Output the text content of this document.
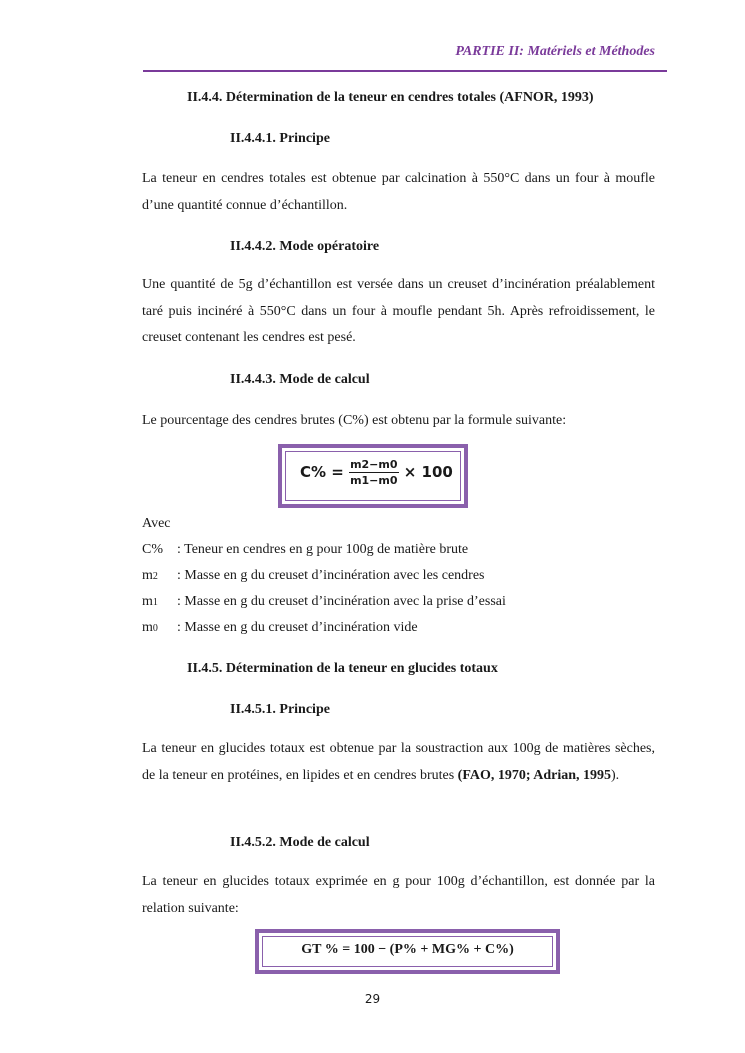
PARTIE II: Matériels et Méthodes
II.4.4. Détermination de la teneur en cendres totales (AFNOR, 1993)
II.4.4.1. Principe
La teneur en cendres totales est obtenue par calcination à 550°C dans un four à moufle d’une quantité connue d’échantillon.
II.4.4.2. Mode opératoire
Une quantité de 5g d’échantillon est versée dans un creuset d’incinération préalablement taré puis incinéré à 550°C dans un four à moufle pendant 5h. Après refroidissement, le creuset contenant les cendres est pesé.
II.4.4.3. Mode de calcul
Le pourcentage des cendres brutes (C%) est obtenu par la formule suivante:
$C\% = \frac{m2-m0}{m1-m0} \times 100$
Avec
C% : Teneur en cendres en g pour 100g de matière brute
m2 : Masse en g du creuset d’incinération avec les cendres
m1 : Masse en g du creuset d’incinération avec la prise d’essai
m0 : Masse en g du creuset d’incinération vide
II.4.5. Détermination de la teneur en glucides totaux
II.4.5.1. Principe
La teneur en glucides totaux est obtenue par la soustraction aux 100g de matières sèches, de la teneur en protéines, en lipides et en cendres brutes (FAO, 1970; Adrian, 1995).
II.4.5.2. Mode de calcul
La teneur en glucides totaux exprimée en g pour 100g d’échantillon, est donnée par la relation suivante:
GT % = 100 − (P% + MG% + C%)
29
